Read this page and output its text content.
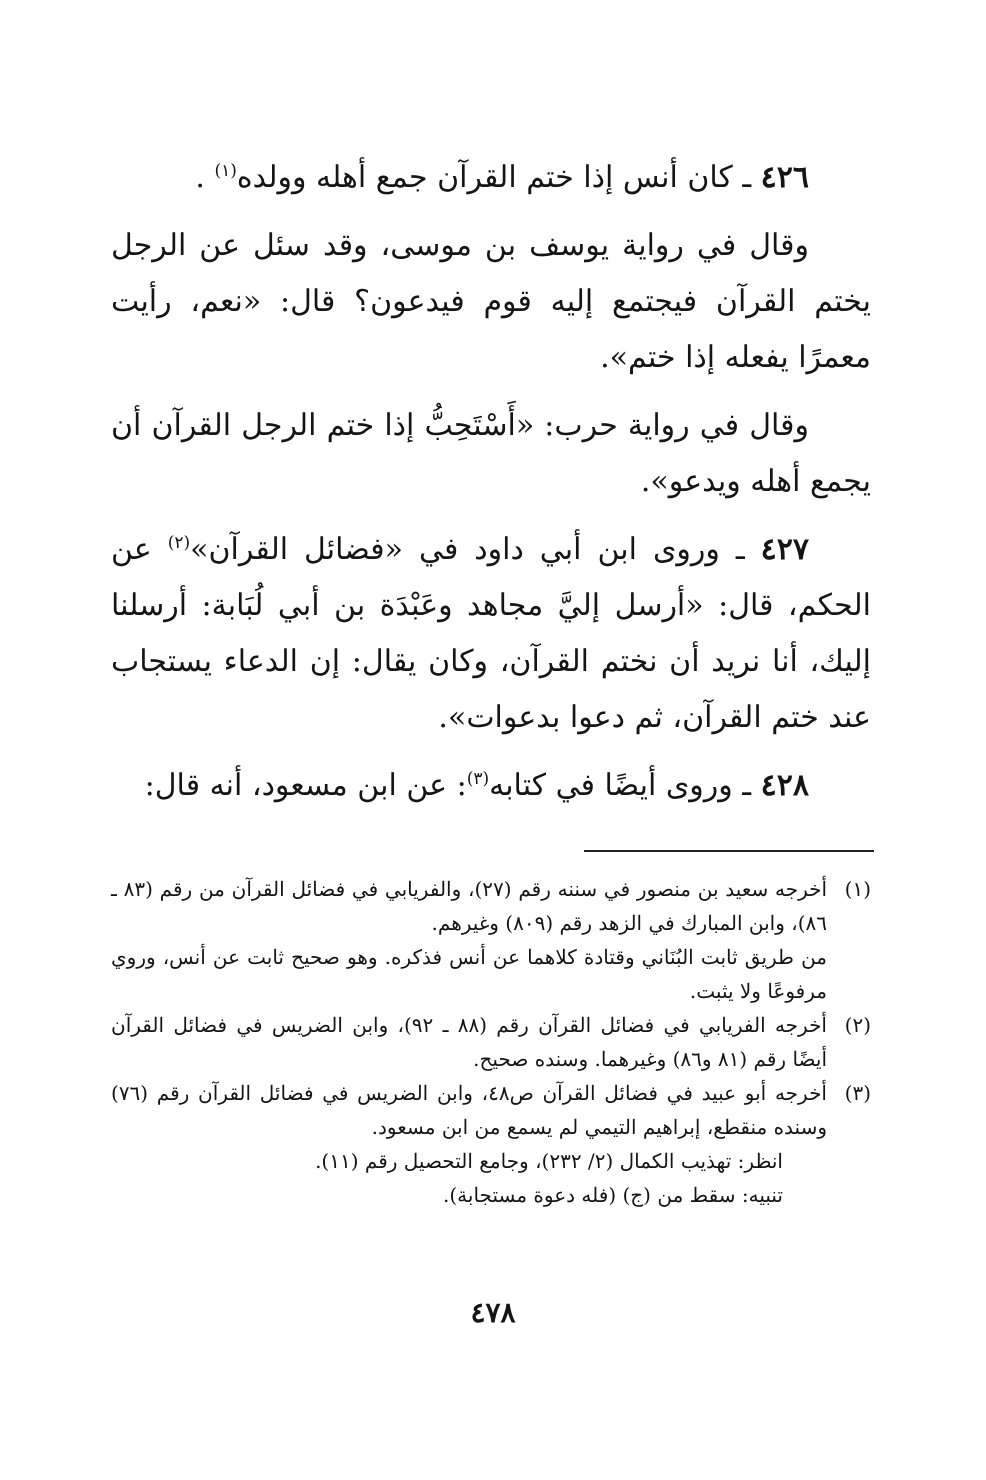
٤٢٦ ـ كان أنس إذا ختم القرآن جمع أهله وولده$^{(١)}$ .

وقال في رواية يوسف بن موسى، وقد سئل عن الرجل يختم القرآن فيجتمع إليه قوم فيدعون؟ قال: «نعم، رأيت معمرًا يفعله إذا ختم».

وقال في رواية حرب: «أَسْتَحِبُّ إذا ختم الرجل القرآن أن يجمع أهله ويدعو».

٤٢٧ ـ وروى ابن أبي داود في «فضائل القرآن»$^{(٢)}$ عن الحكم، قال: «أرسل إليَّ مجاهد وعَبْدَة بن أبي لُبَابة: أرسلنا إليك، أنا نريد أن نختم القرآن، وكان يقال: إن الدعاء يستجاب عند ختم القرآن، ثم دعوا بدعوات».

٤٢٨ ـ وروى أيضًا في كتابه$^{(٣)}$: عن ابن مسعود، أنه قال:

(١)

أخرجه سعيد بن منصور في سننه رقم (٢٧)، والفريابي في فضائل القرآن من رقم (٨٣ ـ ٨٦)، وابن المبارك في الزهد رقم (٨٠٩) وغيرهم.

من طريق ثابت البُنَاني وقتادة كلاهما عن أنس فذكره. وهو صحيح ثابت عن أنس، وروي مرفوعًا ولا يثبت.

(٢)

أخرجه الفريابي في فضائل القرآن رقم (٨٨ ـ ٩٢)، وابن الضريس في فضائل القرآن أيضًا رقم (٨١ و٨٦) وغيرهما. وسنده صحيح.

(٣)

أخرجه أبو عبيد في فضائل القرآن ص٤٨، وابن الضريس في فضائل القرآن رقم (٧٦) وسنده منقطع، إبراهيم التيمي لم يسمع من ابن مسعود.

انظر: تهذيب الكمال (٢/ ٢٣٢)، وجامع التحصيل رقم (١١).

تنبيه: سقط من (ج) (فله دعوة مستجابة).

٤٧٨
